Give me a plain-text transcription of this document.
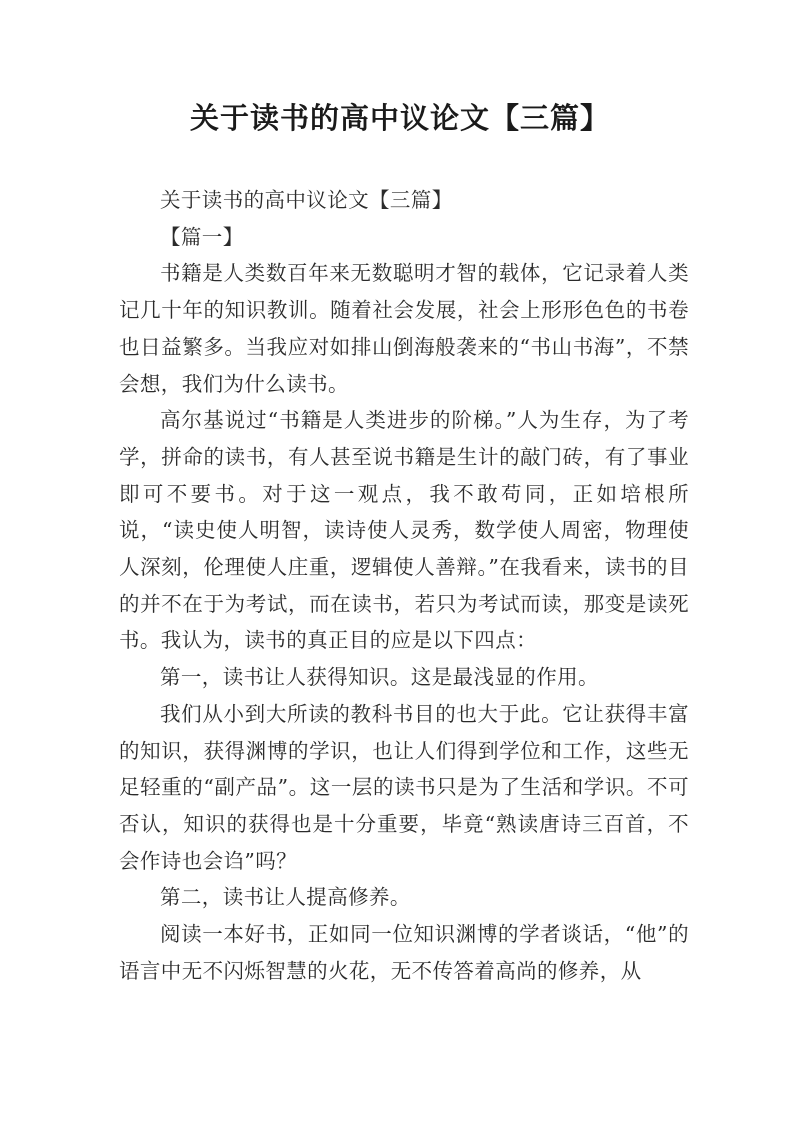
关于读书的高中议论文【三篇】

关于读书的高中议论文【三篇】

【篇一】

书籍是人类数百年来无数聪明才智的载体，它记录着人类记几十年的知识教训。随着社会发展，社会上形形色色的书卷也日益繁多。当我应对如排山倒海般袭来的“书山书海”，不禁会想，我们为什么读书。

高尔基说过“书籍是人类进步的阶梯。”人为生存，为了考学，拼命的读书，有人甚至说书籍是生计的敲门砖，有了事业即可不要书。对于这一观点，我不敢苟同，正如培根所说，“读史使人明智，读诗使人灵秀，数学使人周密，物理使人深刻，伦理使人庄重，逻辑使人善辩。”在我看来，读书的目的并不在于为考试，而在读书，若只为考试而读，那变是读死书。我认为，读书的真正目的应是以下四点：

第一，读书让人获得知识。这是最浅显的作用。

我们从小到大所读的教科书目的也大于此。它让获得丰富的知识，获得渊博的学识，也让人们得到学位和工作，这些无足轻重的“副产品”。这一层的读书只是为了生活和学识。不可否认，知识的获得也是十分重要，毕竟“熟读唐诗三百首，不会作诗也会诌”吗？

第二，读书让人提高修养。

阅读一本好书，正如同一位知识渊博的学者谈话，“他”的语言中无不闪烁智慧的火花，无不传答着高尚的修养，从
